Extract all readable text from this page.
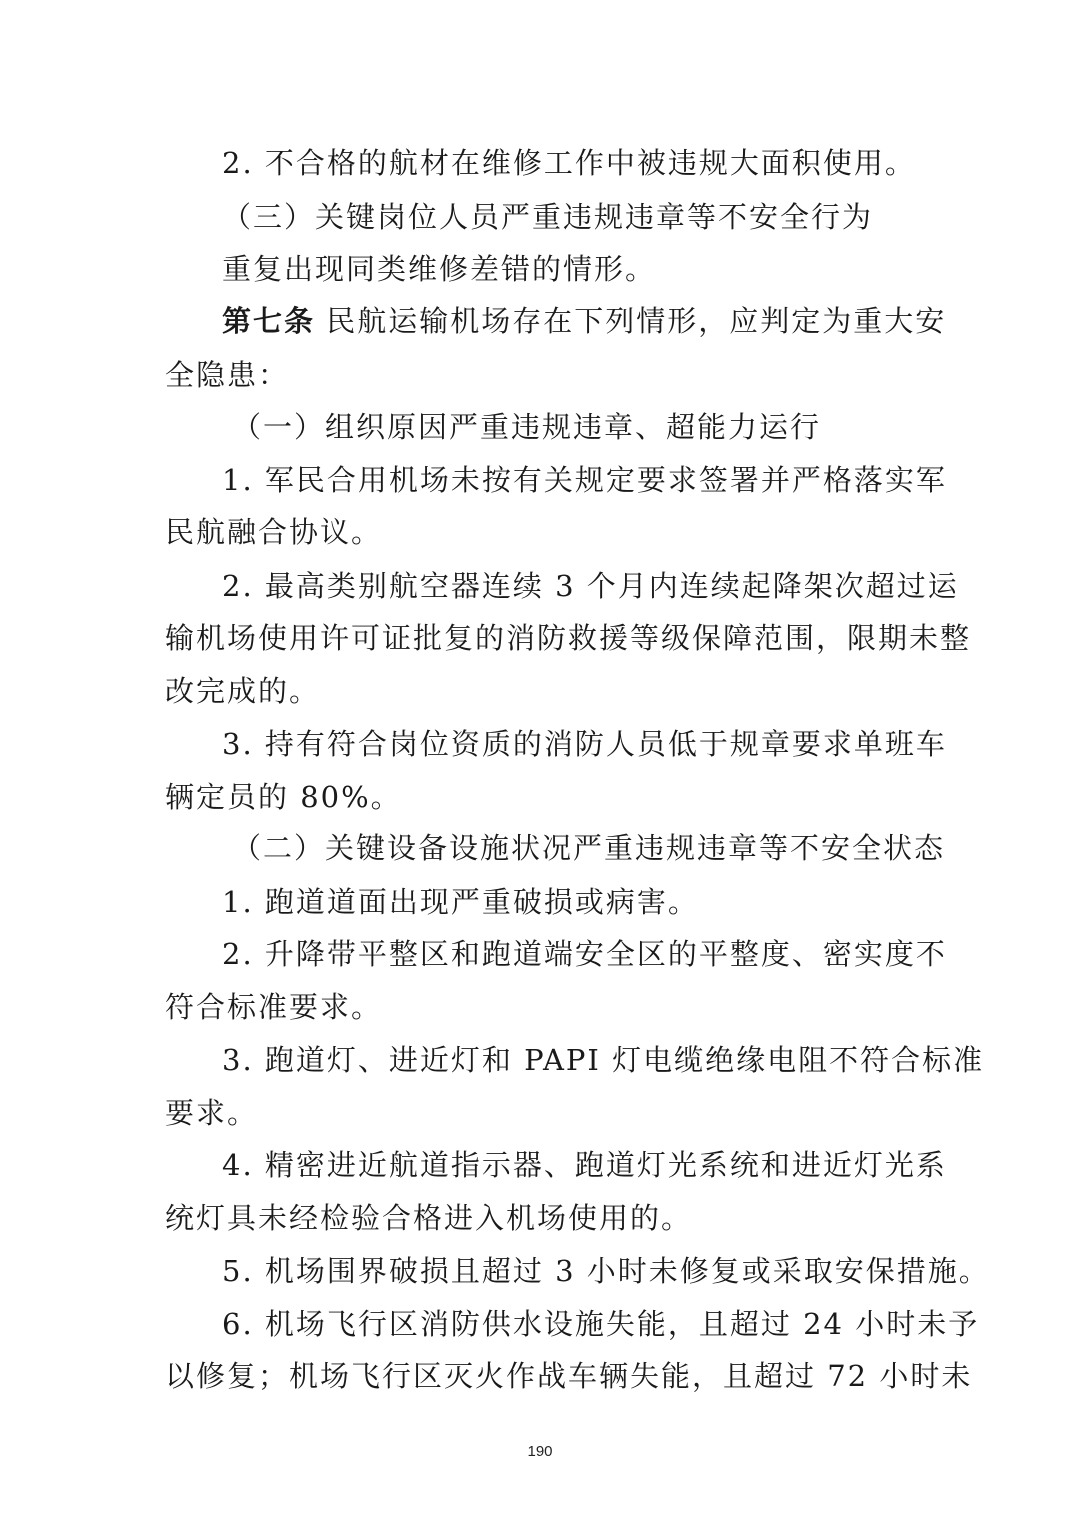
2. 不合格的航材在维修工作中被违规大面积使用。
（三）关键岗位人员严重违规违章等不安全行为
重复出现同类维修差错的情形。
第七条 民航运输机场存在下列情形，应判定为重大安
全隐患：
（一）组织原因严重违规违章、超能力运行
1. 军民合用机场未按有关规定要求签署并严格落实军
民航融合协议。
2. 最高类别航空器连续 3 个月内连续起降架次超过运
输机场使用许可证批复的消防救援等级保障范围，限期未整
改完成的。
3. 持有符合岗位资质的消防人员低于规章要求单班车
辆定员的 80%。
（二）关键设备设施状况严重违规违章等不安全状态
1. 跑道道面出现严重破损或病害。
2. 升降带平整区和跑道端安全区的平整度、密实度不
符合标准要求。
3. 跑道灯、进近灯和 PAPI 灯电缆绝缘电阻不符合标准
要求。
4. 精密进近航道指示器、跑道灯光系统和进近灯光系
统灯具未经检验合格进入机场使用的。
5. 机场围界破损且超过 3 小时未修复或采取安保措施。
6. 机场飞行区消防供水设施失能，且超过 24 小时未予
以修复；机场飞行区灭火作战车辆失能，且超过 72 小时未
190
